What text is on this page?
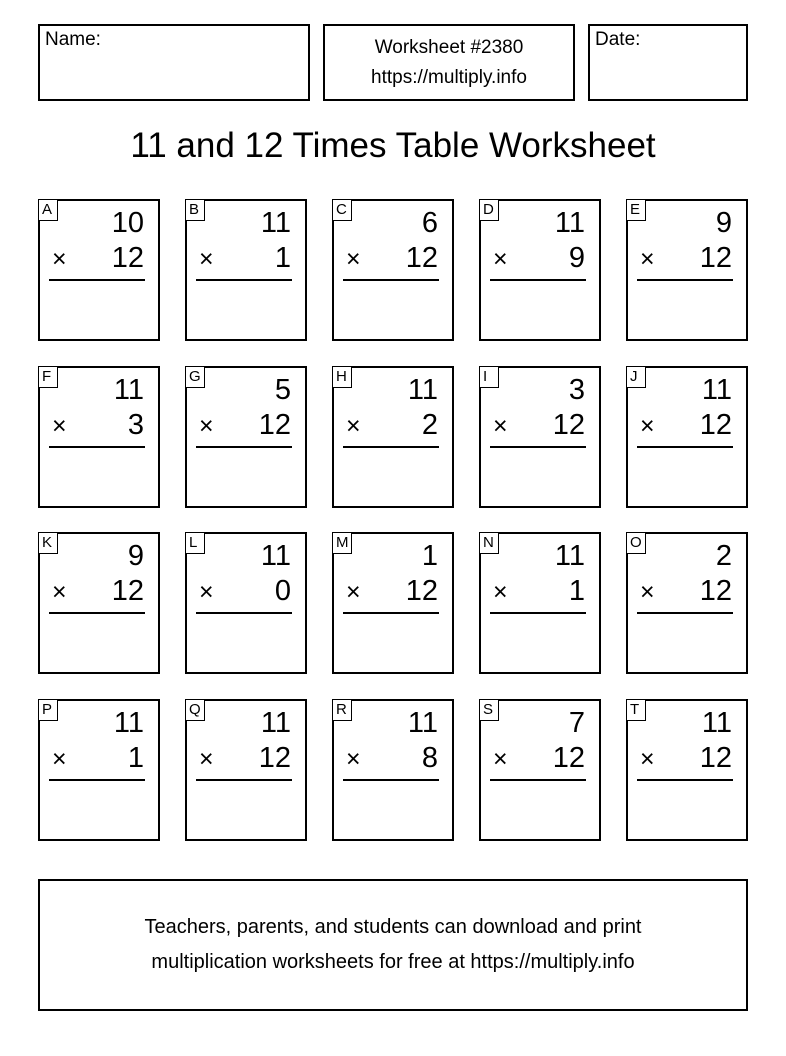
Name:	Worksheet #2380
https://multiply.info
Date:
11 and 12 Times Table Worksheet
A 10
× 12
B 11
× 1
C	6
× 12
D 11
× 9
E	9
× 12
F 11
× 3
G	5
× 12
H 11
× 2
I	3
× 12
J 11
× 12
K	9
× 12
L 11
× 0
M	1
× 12
N 11
× 1
O	2
× 12
P 11
× 1
Q 11
× 12
R 11
× 8
S	7
× 12
T 11
× 12
Teachers, parents, and students can download and print
multiplication worksheets for free at https://multiply.info
